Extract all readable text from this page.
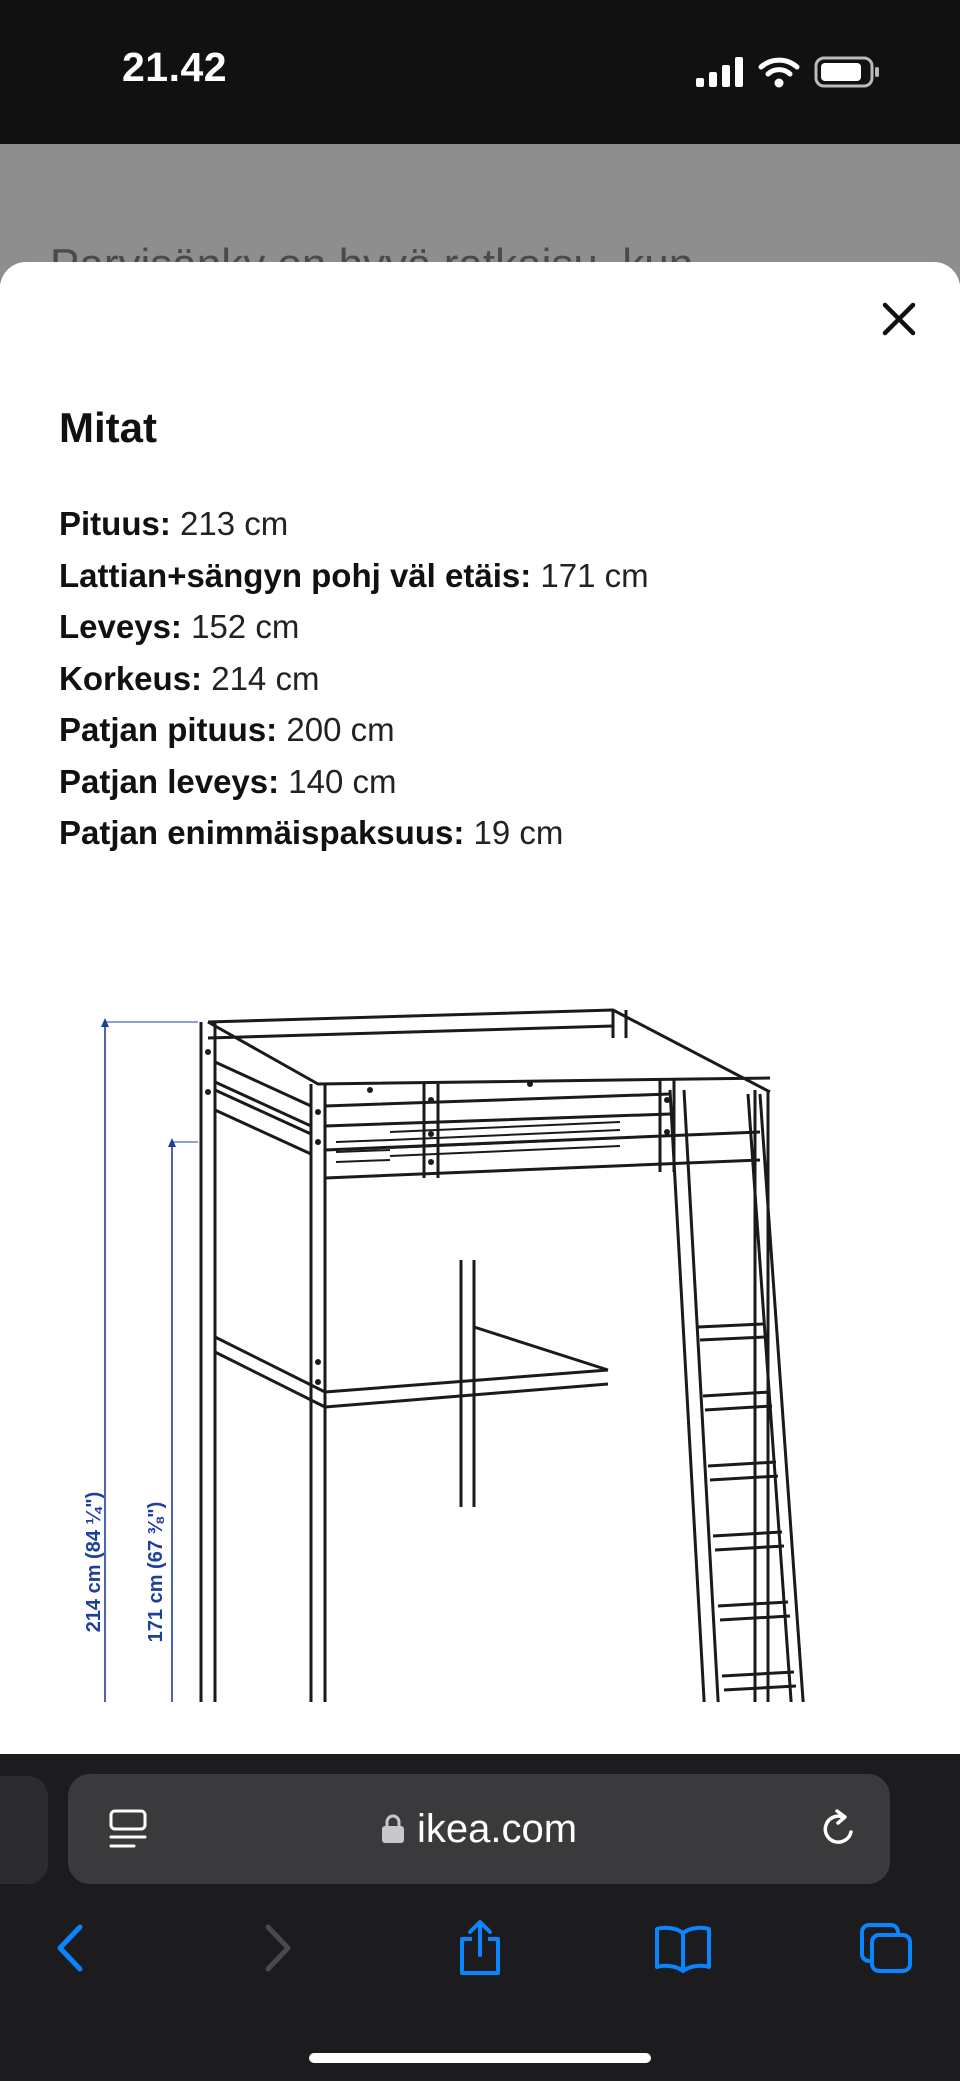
21.42
Mitat
Pituus: 213 cm
Lattian+sängyn pohj väl etäis: 171 cm
Leveys: 152 cm
Korkeus: 214 cm
Patjan pituus: 200 cm
Patjan leveys: 140 cm
Patjan enimmäispaksuus: 19 cm
214 cm (84 ¼") 171 cm (67 ⅜")
ikea.com
